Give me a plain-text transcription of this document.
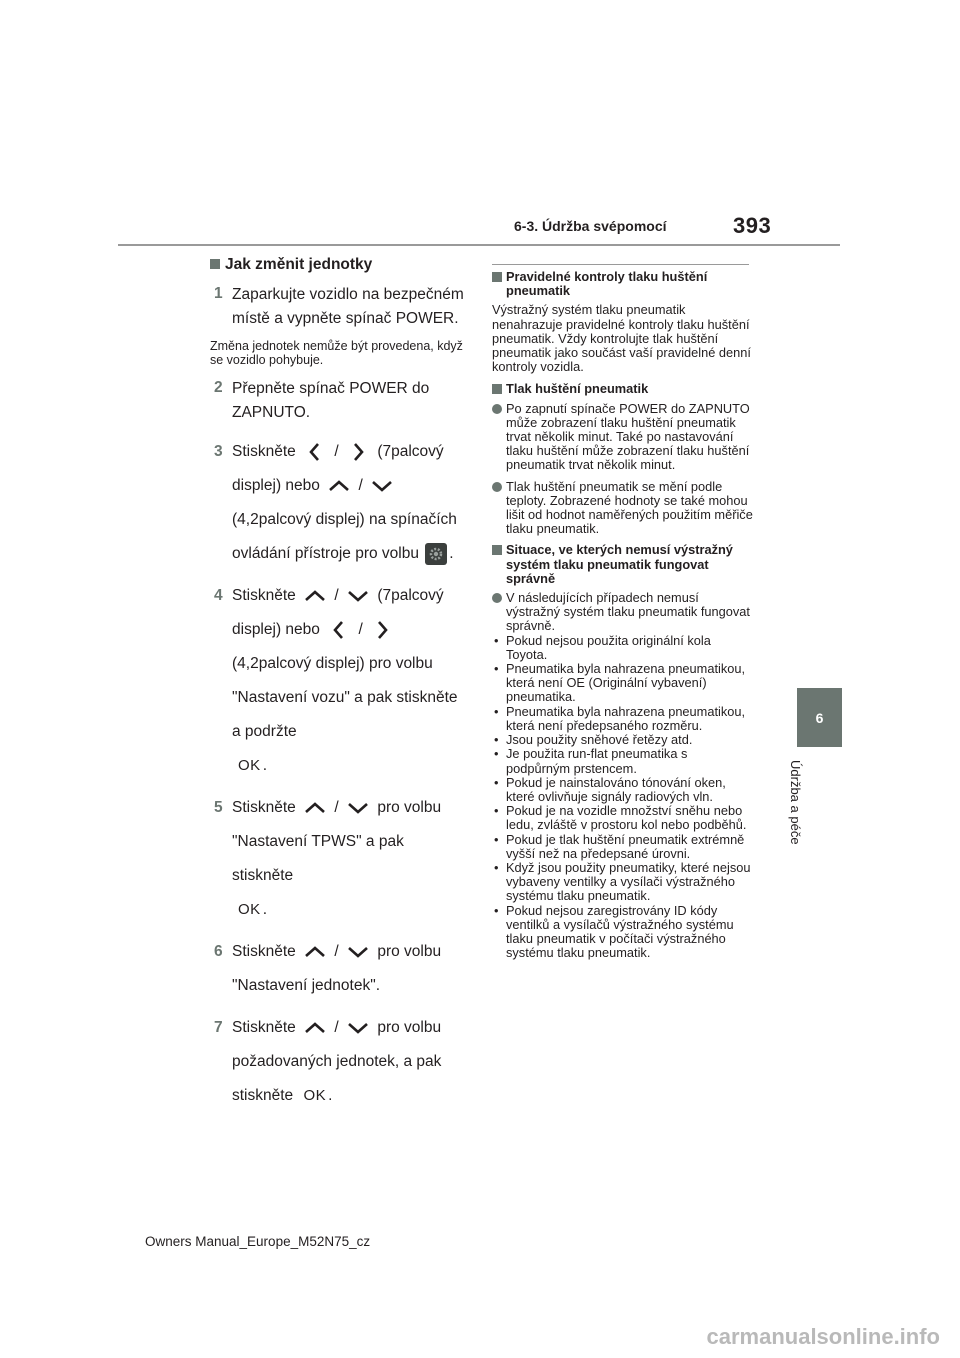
393
6-3. Údržba svépomocí
6
Údržba a péče
Jak změnit jednotky
1 Zaparkujte vozidlo na bezpečném místě a vypněte spínač POWER.

Změna jednotek nemůže být provedena, když se vozidlo pohybuje.
2 Přepněte spínač POWER do ZAPNUTO.

3 Stiskněte / (7palcový displej) nebo /  (4,2palcový displej) na spínačích ovládání přístroje pro volbu .

4 Stiskněte / (7palcový displej) nebo /  (4,2palcový displej) pro volbu "Nastavení vozu" a pak stiskněte a podržte
OK .

5 Stiskněte / pro volbu "Nastavení TPWS" a pak stiskněte
OK .

6 Stiskněte / pro volbu "Nastavení jednotek".

7 Stiskněte / pro volbu požadovaných jednotek, a pak stiskněte OK .

Pravidelné kontroly tlaku huštění pneumatik

Výstražný systém tlaku pneumatik nenahrazuje pravidelné kontroly tlaku huštění pneumatik. Vždy kontrolujte tlak huštění pneumatik jako součást vaší pravidelné denní kontroly vozidla.

Tlak huštění pneumatik
Po zapnutí spínače POWER do ZAPNUTO může zobrazení tlaku huštění pneumatik trvat několik minut. Také po nastavování tlaku huštění může zobrazení tlaku huštění pneumatik trvat několik minut.
Tlak huštění pneumatik se mění podle teploty. Zobrazené hodnoty se také mohou lišit od hodnot naměřených použitím měřiče tlaku pneumatik.
Situace, ve kterých nemusí výstražný systém tlaku pneumatik fungovat správně
V následujících případech nemusí výstražný systém tlaku pneumatik fungovat správně.
• Pokud nejsou použita originální kola Toyota.
• Pneumatika byla nahrazena pneumatikou, která není OE (Originální vybavení) pneumatika.
• Pneumatika byla nahrazena pneumatikou, která není předepsaného rozměru.
• Jsou použity sněhové řetězy atd.
• Je použita run-flat pneumatika s podpůrným prstencem.
• Pokud je nainstalováno tónování oken, které ovlivňuje signály radiových vln.
• Pokud je na vozidle množství sněhu nebo ledu, zvláště v prostoru kol nebo podběhů.
• Pokud je tlak huštění pneumatik extrémně vyšší než na předepsané úrovni.
• Když jsou použity pneumatiky, které nejsou vybaveny ventilky a vysílači výstražného systému tlaku pneumatik.
• Pokud nejsou zaregistrovány ID kódy ventilků a vysílačů výstražného systému tlaku pneumatik v počítači výstražného systému tlaku pneumatik.
Owners Manual_Europe_M52N75_cz
carmanualsonline.info
